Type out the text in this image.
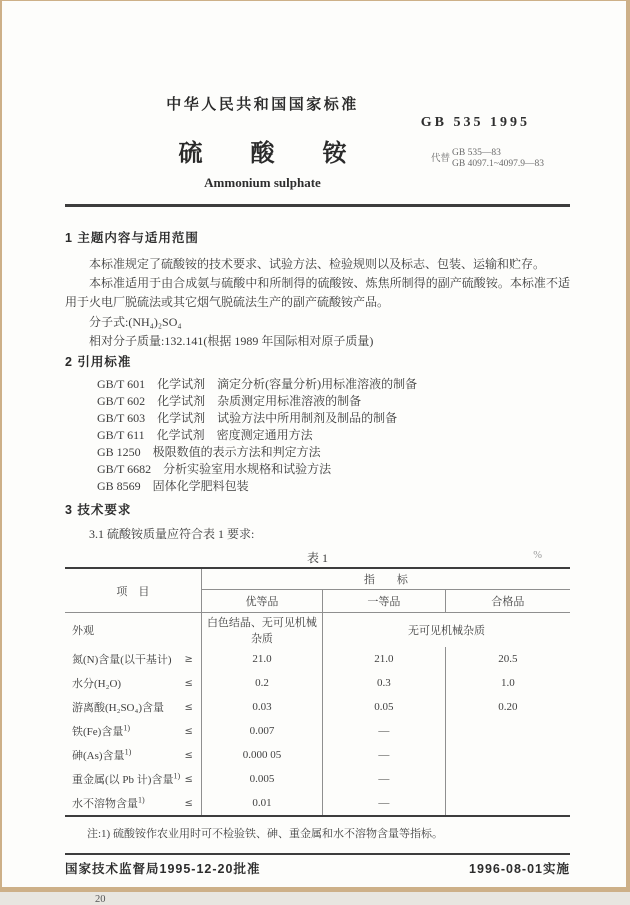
中华人民共和国国家标准
GB 535 1995
硫　　酸　　铵
Ammonium sulphate
代替
GB 535—83
GB 4097.1~4097.9—83
1 主题内容与适用范围

本标准规定了硫酸铵的技术要求、试验方法、检验规则以及标志、包装、运输和贮存。

本标准适用于由合成氨与硫酸中和所制得的硫酸铵、炼焦所制得的副产硫酸铵。本标准不适用于火电厂脱硫法或其它烟气脱硫法生产的副产硫酸铵产品。

分子式:(NH₄)₂SO₄

相对分子质量:132.141(根据 1989 年国际相对原子质量)

2 引用标准
GB/T 601　化学试剂　滴定分析(容量分析)用标准溶液的制备
GB/T 602　化学试剂　杂质测定用标准溶液的制备
GB/T 603　化学试剂　试验方法中所用制剂及制品的制备
GB/T 611　化学试剂　密度测定通用方法
GB 1250　极限数值的表示方法和判定方法
GB/T 6682　分析实验室用水规格和试验方法
GB 8569　固体化学肥料包装
3 技术要求

3.1 硫酸铵质量应符合表 1 要求:

表 1	%
项　目	指　　标		
	优等品	一等品	合格品

外观	白色结晶、无可见机械杂质	无可见机械杂质	

氮(N)含量(以干基计) ≥	21.0	21.0	20.5

水分(H₂O) ≤	0.2	0.3	1.0

游离酸(H₂SO₄)含量 ≤	0.03	0.05	0.20

铁(Fe)含量$^{1)}$ ≤	0.007	—	

砷(As)含量$^{1)}$ ≤	0.000 05	—	

重金属(以 Pb 计)含量$^{1)}$ ≤	0.005	—	

水不溶物含量$^{1)}$ ≤	0.01	—	

注:1) 硫酸铵作农业用时可不检验铁、砷、重金属和水不溶物含量等指标。

国家技术监督局1995-12-20批准	1996-08-01实施
20
